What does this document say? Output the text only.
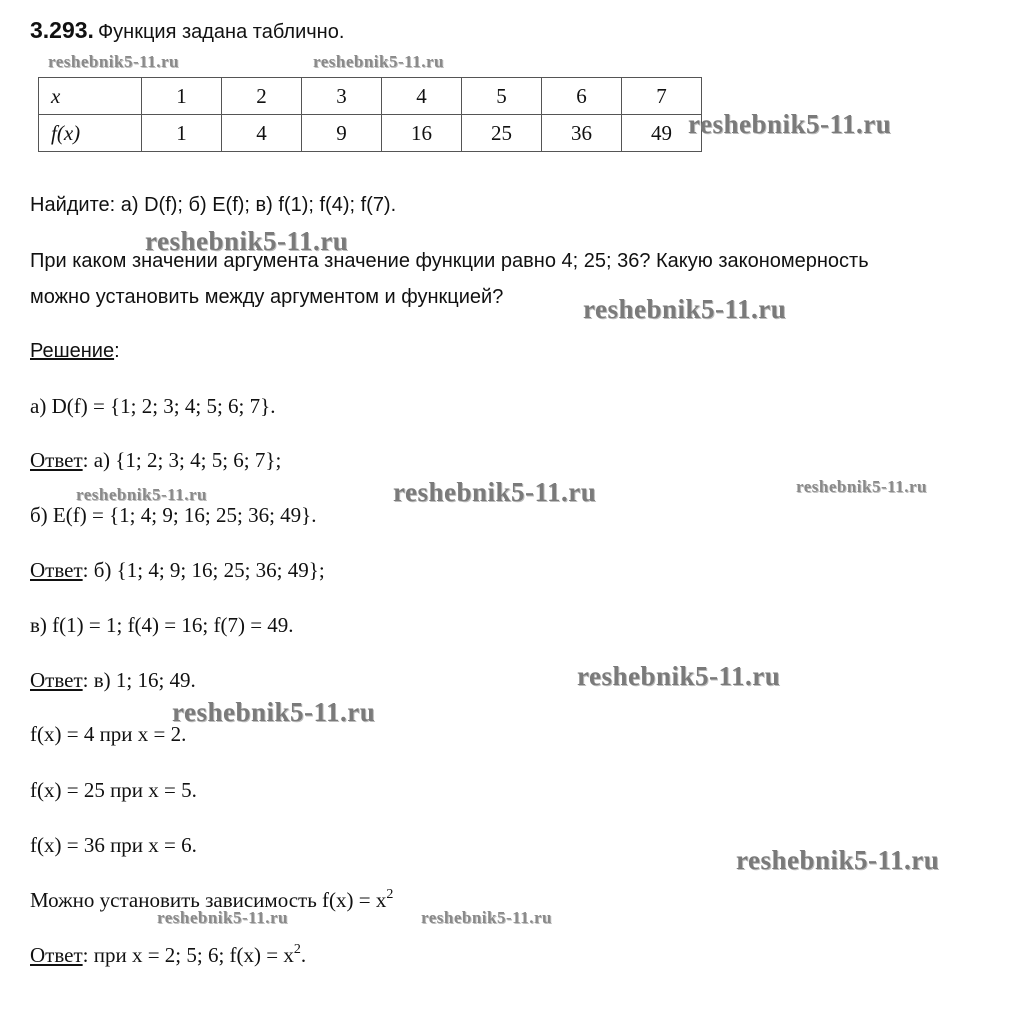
3.293. Функция задана таблично.
x	1	2	3	4	5	6	7
f(x)	1	4	9	16	25	36	49
Найдите: а) D(f); б) E(f); в) f(1); f(4); f(7).
При каком значении аргумента значение функции равно 4; 25; 36? Какую закономерность
можно установить между аргументом и функцией?
Решение:
а) D(f) = {1; 2; 3; 4; 5; 6; 7}.
Ответ: а) {1; 2; 3; 4; 5; 6; 7};
б) E(f) = {1; 4; 9; 16; 25; 36; 49}.
Ответ: б) {1; 4; 9; 16; 25; 36; 49};
в) f(1) = 1; f(4) = 16; f(7) = 49.
Ответ: в) 1; 16; 49.
f(x) = 4 при x = 2.
f(x) = 25 при x = 5.
f(x) = 36 при x = 6.
Можно установить зависимость $f(x) = x^2$
Ответ: при x = 2; 5; 6; $f(x) = x^2$.
reshebnik5-11.ru	reshebnik5-11.ru
reshebnik5-11.ru
reshebnik5-11.ru
reshebnik5-11.ru
reshebnik5-11.ru	reshebnik5-11.ru	reshebnik5-11.ru
reshebnik5-11.ru
reshebnik5-11.ru
reshebnik5-11.ru
reshebnik5-11.ru	reshebnik5-11.ru
